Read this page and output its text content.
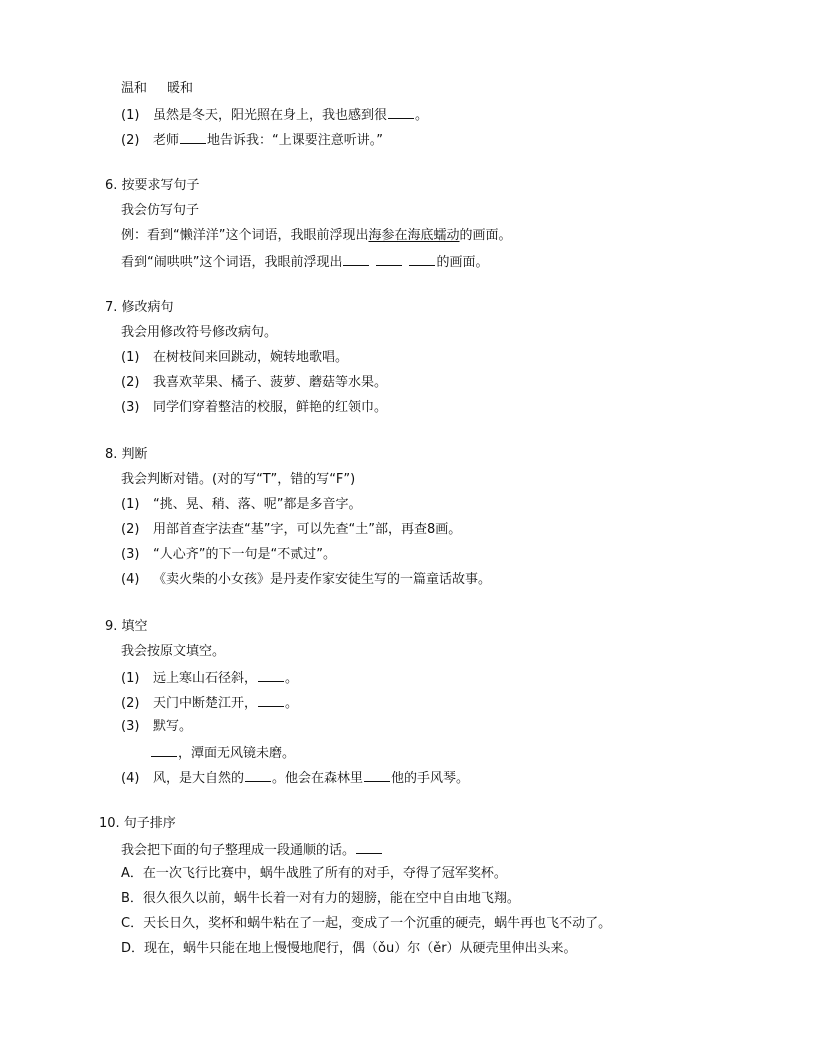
温和 暖和
(1) 虽然是冬天，阳光照在身上，我也感到很 。
(2) 老师 地告诉我：“上课要注意听讲。”
6. 按要求写句子
我会仿写句子
例：看到“懒洋洋”这个词语，我眼前浮现出海参在海底蠕动的画面。
看到“闹哄哄”这个词语，我眼前浮现出	的画面。
7. 修改病句
我会用修改符号修改病句。
(1) 在树枝间来回跳动，婉转地歌唱。
(2) 我喜欢苹果、橘子、菠萝、蘑菇等水果。
(3) 同学们穿着整洁的校服，鲜艳的红领巾。
8. 判断
我会判断对错。(对的写“T”，错的写“F”)
(1) “挑、晃、稍、落、呢”都是多音字。
(2) 用部首查字法查“基”字，可以先查“土”部，再查8画。
(3) “人心齐”的下一句是“不贰过”。
(4) 《卖火柴的小女孩》是丹麦作家安徒生写的一篇童话故事。
9. 填空
我会按原文填空。
(1) 远上寒山石径斜， 。
(2) 天门中断楚江开， 。
(3) 默写。
，潭面无风镜未磨。
(4) 风，是大自然的 。他会在森林里 他的手风琴。
10. 句子排序
我会把下面的句子整理成一段通顺的话。
A．在一次飞行比赛中，蜗牛战胜了所有的对手，夺得了冠军奖杯。
B．很久很久以前，蜗牛长着一对有力的翅膀，能在空中自由地飞翔。
C．天长日久，奖杯和蜗牛粘在了一起，变成了一个沉重的硬壳，蜗牛再也飞不动了。
D．现在，蜗牛只能在地上慢慢地爬行，偶（ǒu）尔（ěr）从硬壳里伸出头来。
